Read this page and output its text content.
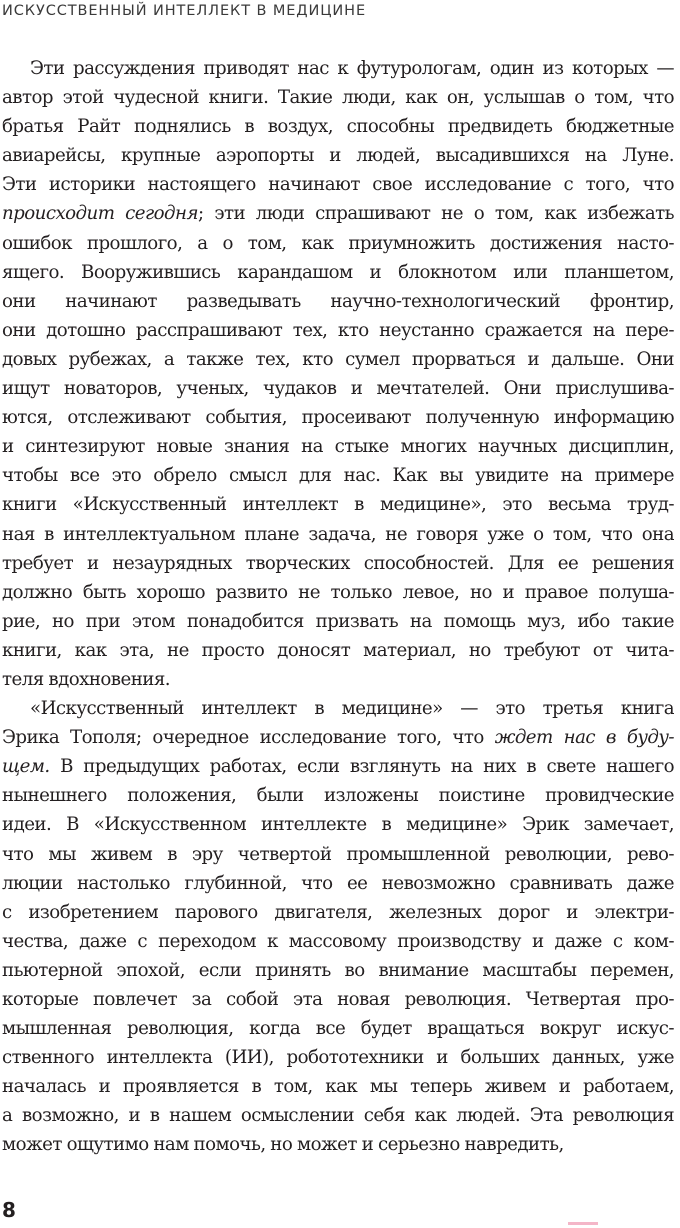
ИСКУССТВЕННЫЙ ИНТЕЛЛЕКТ В МЕДИЦИНЕ

Эти рассуждения приводят нас к футурологам, один из которых —
автор этой чудесной книги. Такие люди, как он, услышав о том, что
братья Райт поднялись в воздух, способны предвидеть бюджетные
авиарейсы, крупные аэропорты и людей, высадившихся на Луне.
Эти историки настоящего начинают свое исследование с того, что
происходит сегодня; эти люди спрашивают не о том, как избежать
ошибок прошлого, а о том, как приумножить достижения насто-
ящего. Вооружившись карандашом и блокнотом или планшетом,
они начинают разведывать научно-технологический фронтир,
они дотошно расспрашивают тех, кто неустанно сражается на пере-
довых рубежах, а также тех, кто сумел прорваться и дальше. Они
ищут новаторов, ученых, чудаков и мечтателей. Они прислушива-
ются, отслеживают события, просеивают полученную информацию
и синтезируют новые знания на стыке многих научных дисциплин,
чтобы все это обрело смысл для нас. Как вы увидите на примере
книги «Искусственный интеллект в медицине», это весьма труд-
ная в интеллектуальном плане задача, не говоря уже о том, что она
требует и незаурядных творческих способностей. Для ее решения
должно быть хорошо развито не только левое, но и правое полуша-
рие, но при этом понадобится призвать на помощь муз, ибо такие
книги, как эта, не просто доносят материал, но требуют от чита-
теля вдохновения.

«Искусственный интеллект в медицине» — это третья книга
Эрика Тополя; очередное исследование того, что ждет нас в буду-
щем. В предыдущих работах, если взглянуть на них в свете нашего
нынешнего положения, были изложены поистине провидческие
идеи. В «Искусственном интеллекте в медицине» Эрик замечает,
что мы живем в эру четвертой промышленной революции, рево-
люции настолько глубинной, что ее невозможно сравнивать даже
с изобретением парового двигателя, железных дорог и электри-
чества, даже с переходом к массовому производству и даже с ком-
пьютерной эпохой, если принять во внимание масштабы перемен,
которые повлечет за собой эта новая революция. Четвертая про-
мышленная революция, когда все будет вращаться вокруг искус-
ственного интеллекта (ИИ), робототехники и больших данных, уже
началась и проявляется в том, как мы теперь живем и работаем,
а возможно, и в нашем осмыслении себя как людей. Эта революция
может ощутимо нам помочь, но может и серьезно навредить,

8
